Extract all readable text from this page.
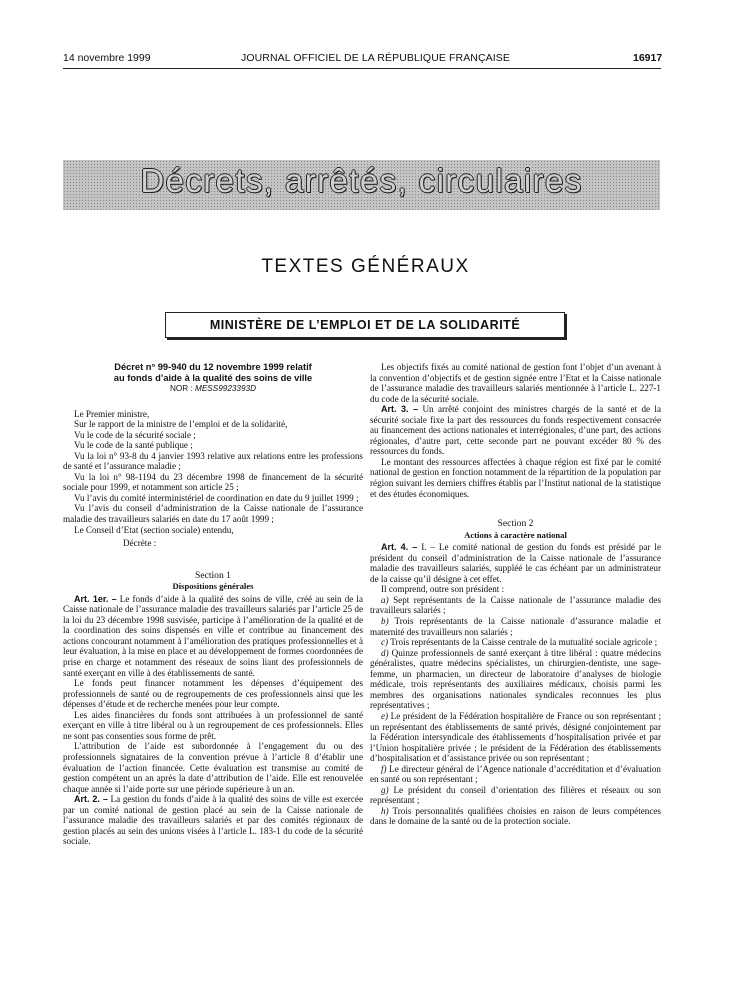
14 novembre 1999	JOURNAL OFFICIEL DE LA RÉPUBLIQUE FRANÇAISE	16917
Décrets, arrêtés, circulaires
TEXTES GÉNÉRAUX
MINISTÈRE DE L’EMPLOI ET DE LA SOLIDARITÉ
Décret n° 99-940 du 12 novembre 1999 relatif
au fonds d’aide à la qualité des soins de ville
NOR : MESS9923393D

Le Premier ministre,

Sur le rapport de la ministre de l’emploi et de la solidarité,

Vu le code de la sécurité sociale ;

Vu le code de la santé publique ;

Vu la loi n° 93-8 du 4 janvier 1993 relative aux relations entre les professions de santé et l’assurance maladie ;

Vu la loi n° 98-1194 du 23 décembre 1998 de financement de la sécurité sociale pour 1999, et notamment son article 25 ;

Vu l’avis du comité interministériel de coordination en date du 9 juillet 1999 ;

Vu l’avis du conseil d’administration de la Caisse nationale de l’assurance maladie des travailleurs salariés en date du 17 août 1999 ;

Le Conseil d’Etat (section sociale) entendu,

Décrète :

Section 1
Dispositions générales

Art. 1er. – Le fonds d’aide à la qualité des soins de ville, créé au sein de la Caisse nationale de l’assurance maladie des travailleurs salariés par l’article 25 de la loi du 23 décembre 1998 susvisée, participe à l’amélioration de la qualité et de la coordination des soins dispensés en ville et contribue au financement des actions concourant notamment à l’amélioration des pratiques professionnelles et à leur évaluation, à la mise en place et au développement de formes coordonnées de prise en charge et notamment des réseaux de soins liant des professionnels de santé exerçant en ville à des établissements de santé.

Le fonds peut financer notamment les dépenses d’équipement des professionnels de santé ou de regroupements de ces professionnels ainsi que les dépenses d’étude et de recherche menées pour leur compte.

Les aides financières du fonds sont attribuées à un professionnel de santé exerçant en ville à titre libéral ou à un regroupement de ces professionnels. Elles ne sont pas consenties sous forme de prêt.

L’attribution de l’aide est subordonnée à l’engagement du ou des professionnels signataires de la convention prévue à l’article 8 d’établir une évaluation de l’action financée. Cette évaluation est transmise au comité de gestion compétent un an après la date d’attribution de l’aide. Elle est renouvelée chaque année si l’aide porte sur une période supérieure à un an.

Art. 2. – La gestion du fonds d’aide à la qualité des soins de ville est exercée par un comité national de gestion placé au sein de la Caisse nationale de l’assurance maladie des travailleurs salariés et par des comités régionaux de gestion placés au sein des unions visées à l’article L. 183-1 du code de la sécurité sociale.

Les objectifs fixés au comité national de gestion font l’objet d’un avenant à la convention d’objectifs et de gestion signée entre l’Etat et la Caisse nationale de l’assurance maladie des travailleurs salariés mentionnée à l’article L. 227-1 du code de la sécurité sociale.

Art. 3. – Un arrêté conjoint des ministres chargés de la santé et de la sécurité sociale fixe la part des ressources du fonds respectivement consacrée au financement des actions nationales et interrégionales, d’une part, des actions régionales, d’autre part, cette seconde part ne pouvant excéder 80 % des ressources du fonds.

Le montant des ressources affectées à chaque région est fixé par le comité national de gestion en fonction notamment de la répartition de la population par région suivant les derniers chiffres établis par l’Institut national de la statistique et des études économiques.

Section 2
Actions à caractère national

Art. 4. – I. – Le comité national de gestion du fonds est présidé par le président du conseil d’administration de la Caisse nationale de l’assurance maladie des travailleurs salariés, suppléé le cas échéant par un administrateur de la caisse qu’il désigne à cet effet.

Il comprend, outre son président :

a) Sept représentants de la Caisse nationale de l’assurance maladie des travailleurs salariés ;

b) Trois représentants de la Caisse nationale d’assurance maladie et maternité des travailleurs non salariés ;

c) Trois représentants de la Caisse centrale de la mutualité sociale agricole ;

d) Quinze professionnels de santé exerçant à titre libéral : quatre médecins généralistes, quatre médecins spécialistes, un chirurgien-dentiste, une sage-femme, un pharmacien, un directeur de laboratoire d’analyses de biologie médicale, trois représentants des auxiliaires médicaux, choisis parmi les membres des organisations nationales syndicales reconnues les plus représentatives ;

e) Le président de la Fédération hospitalière de France ou son représentant ; un représentant des établissements de santé privés, désigné conjointement par la Fédération intersyndicale des établissements d’hospitalisation privée et par l’Union hospitalière privée ; le président de la Fédération des établissements d’hospitalisation et d’assistance privée ou son représentant ;

f) Le directeur général de l’Agence nationale d’accréditation et d’évaluation en santé ou son représentant ;

g) Le président du conseil d’orientation des filières et réseaux ou son représentant ;

h) Trois personnalités qualifiées choisies en raison de leurs compétences dans le domaine de la santé ou de la protection sociale.
